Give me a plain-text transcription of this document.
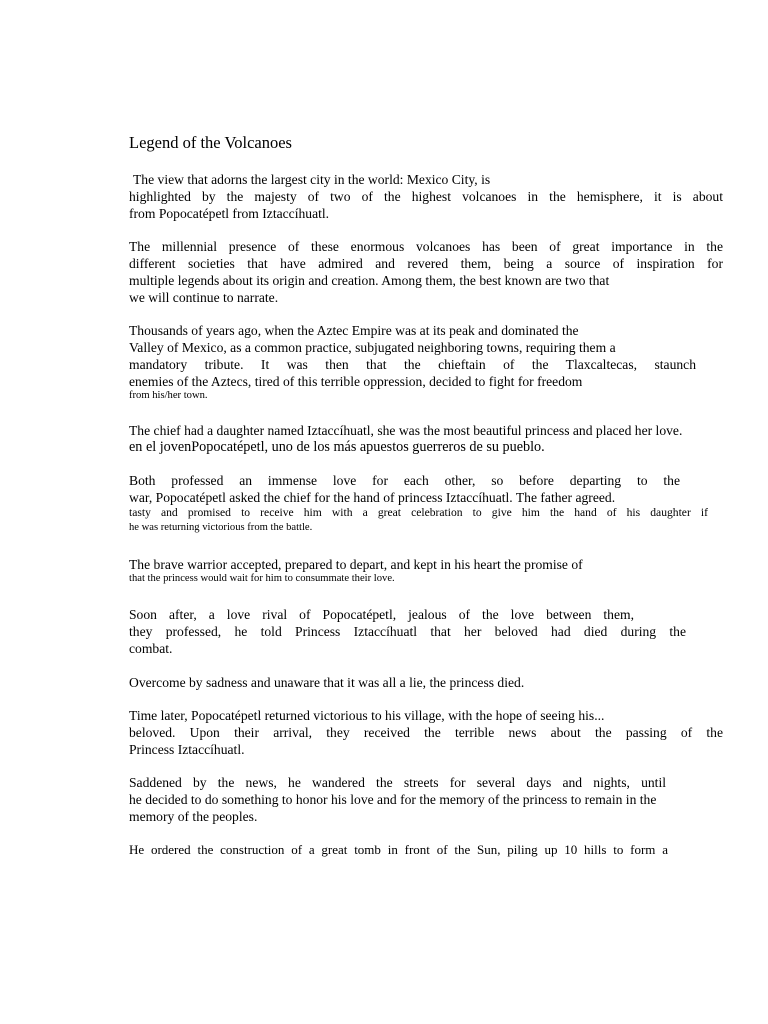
Legend of the Volcanoes
The view that adorns the largest city in the world: Mexico City, is
highlighted by the majesty of two of the highest volcanoes in the hemisphere, it is about
from Popocatépetl from Iztaccíhuatl.
The millennial presence of these enormous volcanoes has been of great importance in the
different societies that have admired and revered them, being a source of inspiration for
multiple legends about its origin and creation. Among them, the best known are two that
we will continue to narrate.
Thousands of years ago, when the Aztec Empire was at its peak and dominated the
Valley of Mexico, as a common practice, subjugated neighboring towns, requiring them a
mandatory tribute. It was then that the chieftain of the Tlaxcaltecas, staunch
enemies of the Aztecs, tired of this terrible oppression, decided to fight for freedom
from his/her town.
The chief had a daughter named Iztaccíhuatl, she was the most beautiful princess and placed her love.
en el jovenPopocatépetl, uno de los más apuestos guerreros de su pueblo.
Both professed an immense love for each other, so before departing to the
war, Popocatépetl asked the chief for the hand of princess Iztaccíhuatl. The father agreed.
tasty and promised to receive him with a great celebration to give him the hand of his daughter if
he was returning victorious from the battle.
The brave warrior accepted, prepared to depart, and kept in his heart the promise of
that the princess would wait for him to consummate their love.
Soon after, a love rival of Popocatépetl, jealous of the love between them,
they professed, he told Princess Iztaccíhuatl that her beloved had died during the
combat.
Overcome by sadness and unaware that it was all a lie, the princess died.
Time later, Popocatépetl returned victorious to his village, with the hope of seeing his...
beloved. Upon their arrival, they received the terrible news about the passing of the
Princess Iztaccíhuatl.
Saddened by the news, he wandered the streets for several days and nights, until
he decided to do something to honor his love and for the memory of the princess to remain in the
memory of the peoples.
He ordered the construction of a great tomb in front of the Sun, piling up 10 hills to form a
